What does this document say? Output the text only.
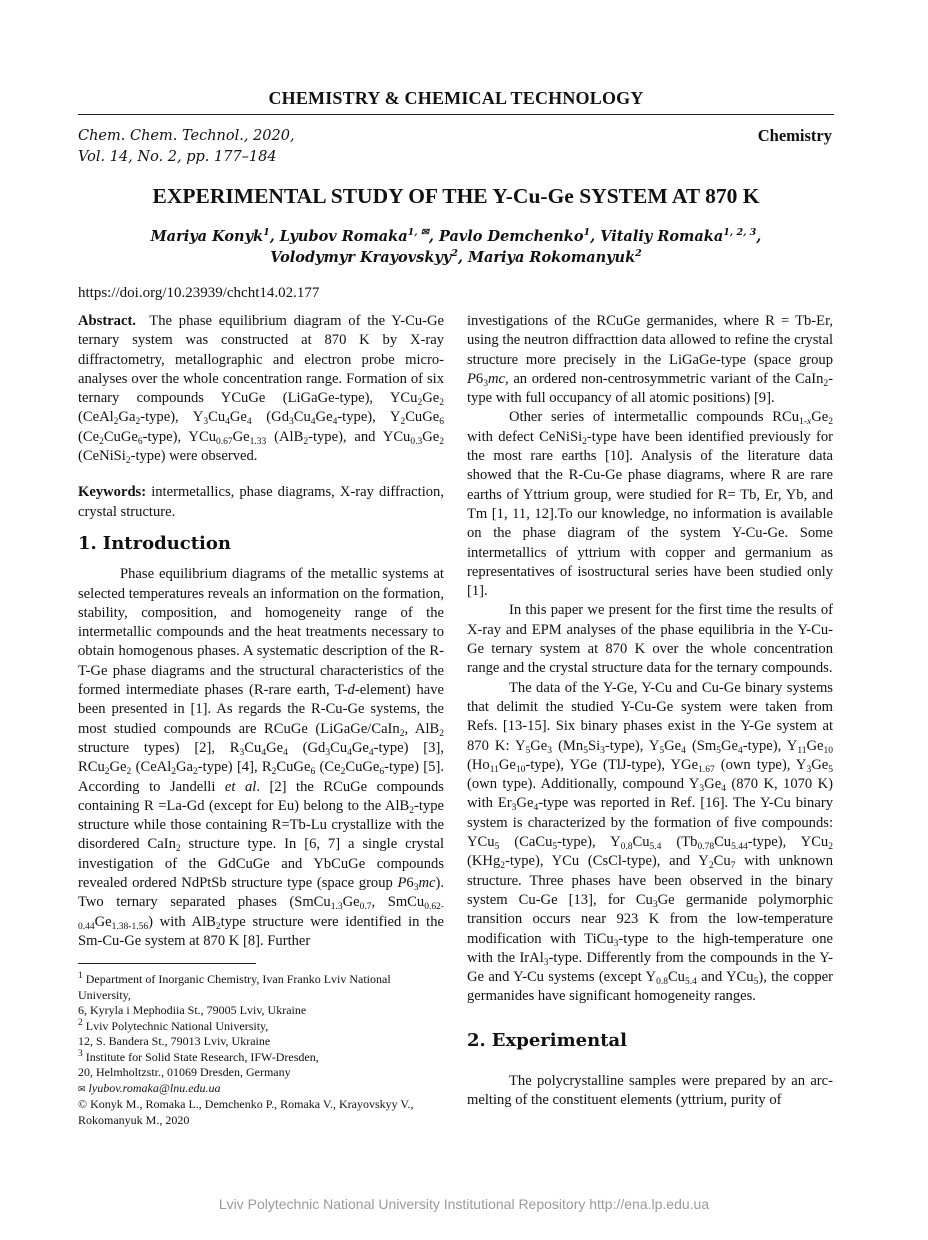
CHEMISTRY & CHEMICAL TECHNOLOGY
Chem. Chem. Technol., 2020,
Vol. 14, No. 2, pp. 177–184
Chemistry
EXPERIMENTAL STUDY OF THE Y-Cu-Ge SYSTEM AT 870 K
Mariya Konyk$^1$, Lyubov Romaka$^{1, ✉}$, Pavlo Demchenko$^1$, Vitaliy Romaka$^{1, 2, 3}$,
Volodymyr Krayovskyy$^2$, Mariya Rokomanyuk$^2$
https://doi.org/10.23939/chcht14.02.177

Abstract.  The phase equilibrium diagram of the Y-Cu-Ge ternary system was constructed at 870 K by X-ray diffractometry, metallographic and electron probe micro-analyses over the whole concentration range. Formation of six ternary compounds YCuGe (LiGaGe-type), $YCu_2Ge_2$ $(CeAl_2Ga_2-type)$, $Y_3Cu_4Ge_4$ $(Gd_3Cu_4Ge_4-type)$, $Y_2CuGe_6$ $(Ce_2CuGe_6-type)$, $YCu_{0.67}Ge_{1.33}$ (AlB$_2$-type), and $YCu_{0.3}Ge_2$ (CeNiSi$_2$-type) were observed.

Keywords: intermetallics, phase diagrams, X-ray diffraction, crystal structure.

1. Introduction

Phase equilibrium diagrams of the metallic systems at selected temperatures reveals an information on the formation, stability, composition, and homogeneity range of the intermetallic compounds and the heat treatments necessary to obtain homogenous phases. A systematic description of the R-T-Ge phase diagrams and the structural characteristics of the formed intermediate phases (R-rare earth, T-d-element) have been presented in [1]. As regards the R-Cu-Ge systems, the most studied compounds are RCuGe (LiGaGe/CaIn$_2$, AlB$_2$ structure types) [2], $R_3Cu_4Ge_4$ $(Gd_3Cu_4Ge_4-type)$ [3], $RCu_2Ge_2$ $(CeAl_2Ga_2-type)$ [4], $R_2CuGe_6$ $(Ce_2CuGe_6-type)$ [5]. According to Jandelli et al. [2] the RCuGe compounds containing R =La-Gd (except for Eu) belong to the AlB$_2$-type structure while those containing R=Tb-Lu crystallize with the disordered CaIn$_2$ structure type. In [6, 7] a single crystal investigation of the GdCuGe and YbCuGe compounds revealed ordered NdPtSb structure type (space group $P6_3mc$). Two ternary separated phases ($SmCu_{1.3}Ge_{0.7}$, $SmCu_{0.62-0.44}Ge_{1.38-1.56}$) with AlB$_2$type structure were identified in the Sm-Cu-Ge system at 870 K [8]. Further

$^1$ Department of Inorganic Chemistry, Ivan Franko Lviv National University,
6, Kyryla i Mephodiia St., 79005 Lviv, Ukraine
$^2$ Lviv Polytechnic National University,
12, S. Bandera St., 79013 Lviv, Ukraine
$^3$ Institute for Solid State Research, IFW-Dresden,
20, Helmholtzstr., 01069 Dresden, Germany
✉ lyubov.romaka@lnu.edu.ua
© Konyk M., Romaka L., Demchenko P., Romaka V., Krayovskyy V., Rokomanyuk M., 2020

investigations of the RCuGe germanides, where R = Tb-Er, using the neutron diffracttion data allowed to refine the crystal structure more precisely in the LiGaGe-type (space group $P6_3mc$, an ordered non-centrosymmetric variant of the CaIn$_2$-type with full occupancy of all atomic positions) [9].

Other series of intermetallic compounds $RCu_{1-x}Ge_2$ with defect CeNiSi$_2$-type have been identified previously for the most rare earths [10]. Analysis of the literature data showed that the R-Cu-Ge phase diagrams, where R are rare earths of Yttrium group, were studied for R= Tb, Er, Yb, and Tm [1, 11, 12].To our knowledge, no information is available on the phase diagram of the system Y-Cu-Ge. Some intermetallics of yttrium with copper and germanium as representatives of isostructural series have been studied only [1].

In this paper we present for the first time the results of X-ray and EPM analyses of the phase equilibria in the Y-Cu-Ge ternary system at 870 K over the whole concentration range and the crystal structure data for the ternary compounds.

The data of the Y-Ge, Y-Cu and Cu-Ge binary systems that delimit the studied Y-Cu-Ge system were taken from Refs. [13-15]. Six binary phases exist in the Y-Ge system at 870 K: $Y_5Ge_3$ $(Mn_5Si_3-type)$, $Y_5Ge_4$ $(Sm_5Ge_4-type)$, $Y_{11}Ge_{10}$ $(Ho_{11}Ge_{10}-type)$, YGe (TlJ-type), YGe$_{1.67}$ (own type), $Y_3Ge_5$ (own type). Additionally, compound $Y_3Ge_4$ (870 K, 1070 K) with $Er_3Ge_4$-type was reported in Ref. [16]. The Y-Cu binary system is characterized by the formation of five compounds: YCu$_5$ (CaCu$_5$-type), $Y_{0.8}Cu_{5.4}$ $(Tb_{0.78}Cu_{5.44}-type)$, YCu$_2$ (KHg$_2$-type), YCu (CsCl-type), and $Y_2Cu_7$ with unknown structure. Three phases have been observed in the binary system Cu-Ge [13], for $Cu_3Ge$ germanide polymorphic transition occurs near 923 K from the low-temperature modification with TiCu$_3$-type to the high-temperature one with the IrAl$_3$-type. Differently from the compounds in the Y-Ge and Y-Cu systems (except $Y_{0.8}Cu_{5.4}$ and YCu$_5$), the copper germanides have significant homogeneity ranges.

2. Experimental

The polycrystalline samples were prepared by an arc-melting of the constituent elements (yttrium, purity of

Lviv Polytechnic National University Institutional Repository http://ena.lp.edu.ua
